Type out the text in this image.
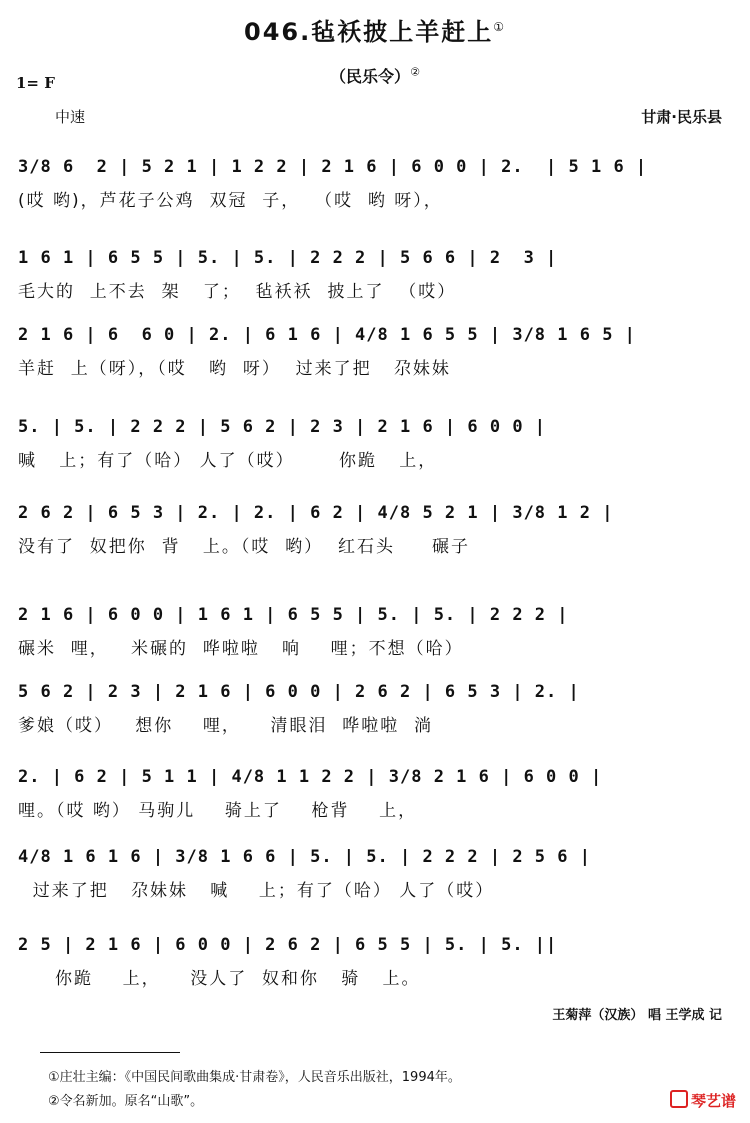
046.毡袄披上羊赶上①
（民乐令）②
1= F
中速	甘肃·民乐县
3/8 6  2 | 5 2 1 | 1 2 2 | 2 1 6 | 6 0 0 | 2.  | 5 1 6 |
(哎 哟)，芦花子公鸡  双冠  子，  （哎  哟 呀），
1 6 1 | 6 5 5 | 5. | 5. | 2 2 2 | 5 6 6 | 2  3 |
毛大的  上不去  架   了；  毡袄袄  披上了  （哎）
2 1 6 | 6  6 0 | 2. | 6 1 6 | 4/8 1 6 5 5 | 3/8 1 6 5 |
羊赶  上（呀），（哎   哟  呀）  过来了把   尕妹妹
5. | 5. | 2 2 2 | 5 6 2 | 2 3 | 2 1 6 | 6 0 0 |
喊   上；有了（哈） 人了（哎）      你跪   上，
2 6 2 | 6 5 3 | 2. | 2. | 6 2 | 4/8 5 2 1 | 3/8 1 2 |
没有了  奴把你  背   上。（哎  哟）  红石头     碾子
2 1 6 | 6 0 0 | 1 6 1 | 6 5 5 | 5. | 5. | 2 2 2 |
碾米  哩，   米碾的  哗啦啦   响    哩；不想（哈）
5 6 2 | 2 3 | 2 1 6 | 6 0 0 | 2 6 2 | 6 5 3 | 2. |
爹娘（哎）   想你    哩，    清眼泪  哗啦啦  淌
2. | 6 2 | 5 1 1 | 4/8 1 1 2 2 | 3/8 2 1 6 | 6 0 0 |
哩。（哎 哟） 马驹儿    骑上了    枪背    上，
4/8 1 6 1 6 | 3/8 1 6 6 | 5. | 5. | 2 2 2 | 2 5 6 |
过来了把   尕妹妹   喊    上；有了（哈） 人了（哎）
2 5 | 2 1 6 | 6 0 0 | 2 6 2 | 6 5 5 | 5. | 5. ||
你跪    上，    没人了  奴和你   骑   上。
王菊萍（汉族） 唱 王学成 记
①庄壮主编：《中国民间歌曲集成·甘肃卷》，人民音乐出版社，1994年。
②令名新加。原名“山歌”。	琴艺谱
